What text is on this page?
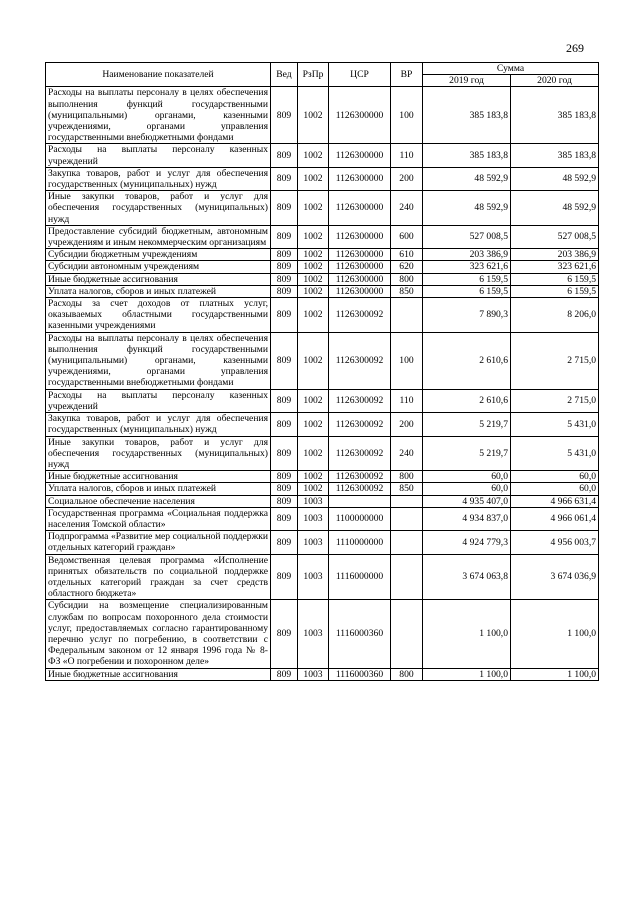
269
Наименование показателей	Вед	РзПр	ЦСР	ВР	Сумма	
					2019 год	2020 год
Расходы на выплаты персоналу в целях обеспечения выполнения функций государственными (муниципальными) органами, казенными учреждениями, органами управления государственными внебюджетными фондами	809	1002	1126300000	100	385 183,8	385 183,8
Расходы на выплаты персоналу казенных учреждений	809	1002	1126300000	110	385 183,8	385 183,8
Закупка товаров, работ и услуг для обеспечения государственных (муниципальных) нужд	809	1002	1126300000	200	48 592,9	48 592,9
Иные закупки товаров, работ и услуг для обеспечения государственных (муниципальных) нужд	809	1002	1126300000	240	48 592,9	48 592,9
Предоставление субсидий бюджетным, автономным учреждениям и иным некоммерческим организациям	809	1002	1126300000	600	527 008,5	527 008,5
Субсидии бюджетным учреждениям	809	1002	1126300000	610	203 386,9	203 386,9
Субсидии автономным учреждениям	809	1002	1126300000	620	323 621,6	323 621,6
Иные бюджетные ассигнования	809	1002	1126300000	800	6 159,5	6 159,5
Уплата налогов, сборов и иных платежей	809	1002	1126300000	850	6 159,5	6 159,5
Расходы за счет доходов от платных услуг, оказываемых областными государственными казенными учреждениями	809	1002	1126300092		7 890,3	8 206,0
Расходы на выплаты персоналу в целях обеспечения выполнения функций государственными (муниципальными) органами, казенными учреждениями, органами управления государственными внебюджетными фондами	809	1002	1126300092	100	2 610,6	2 715,0
Расходы на выплаты персоналу казенных учреждений	809	1002	1126300092	110	2 610,6	2 715,0
Закупка товаров, работ и услуг для обеспечения государственных (муниципальных) нужд	809	1002	1126300092	200	5 219,7	5 431,0
Иные закупки товаров, работ и услуг для обеспечения государственных (муниципальных) нужд	809	1002	1126300092	240	5 219,7	5 431,0
Иные бюджетные ассигнования	809	1002	1126300092	800	60,0	60,0
Уплата налогов, сборов и иных платежей	809	1002	1126300092	850	60,0	60,0
Социальное обеспечение населения	809	1003			4 935 407,0	4 966 631,4
Государственная программа «Социальная поддержка населения Томской области»	809	1003	1100000000		4 934 837,0	4 966 061,4
Подпрограмма «Развитие мер социальной поддержки отдельных категорий граждан»	809	1003	1110000000		4 924 779,3	4 956 003,7
Ведомственная целевая программа «Исполнение принятых обязательств по социальной поддержке отдельных категорий граждан за счет средств областного бюджета»	809	1003	1116000000		3 674 063,8	3 674 036,9
Субсидии на возмещение специализированным службам по вопросам похоронного дела стоимости услуг, предоставляемых согласно гарантированному перечню услуг по погребению, в соответствии с Федеральным законом от 12 января 1996 года № 8-ФЗ «О погребении и похоронном деле»	809	1003	1116000360		1 100,0	1 100,0
Иные бюджетные ассигнования	809	1003	1116000360	800	1 100,0	1 100,0
